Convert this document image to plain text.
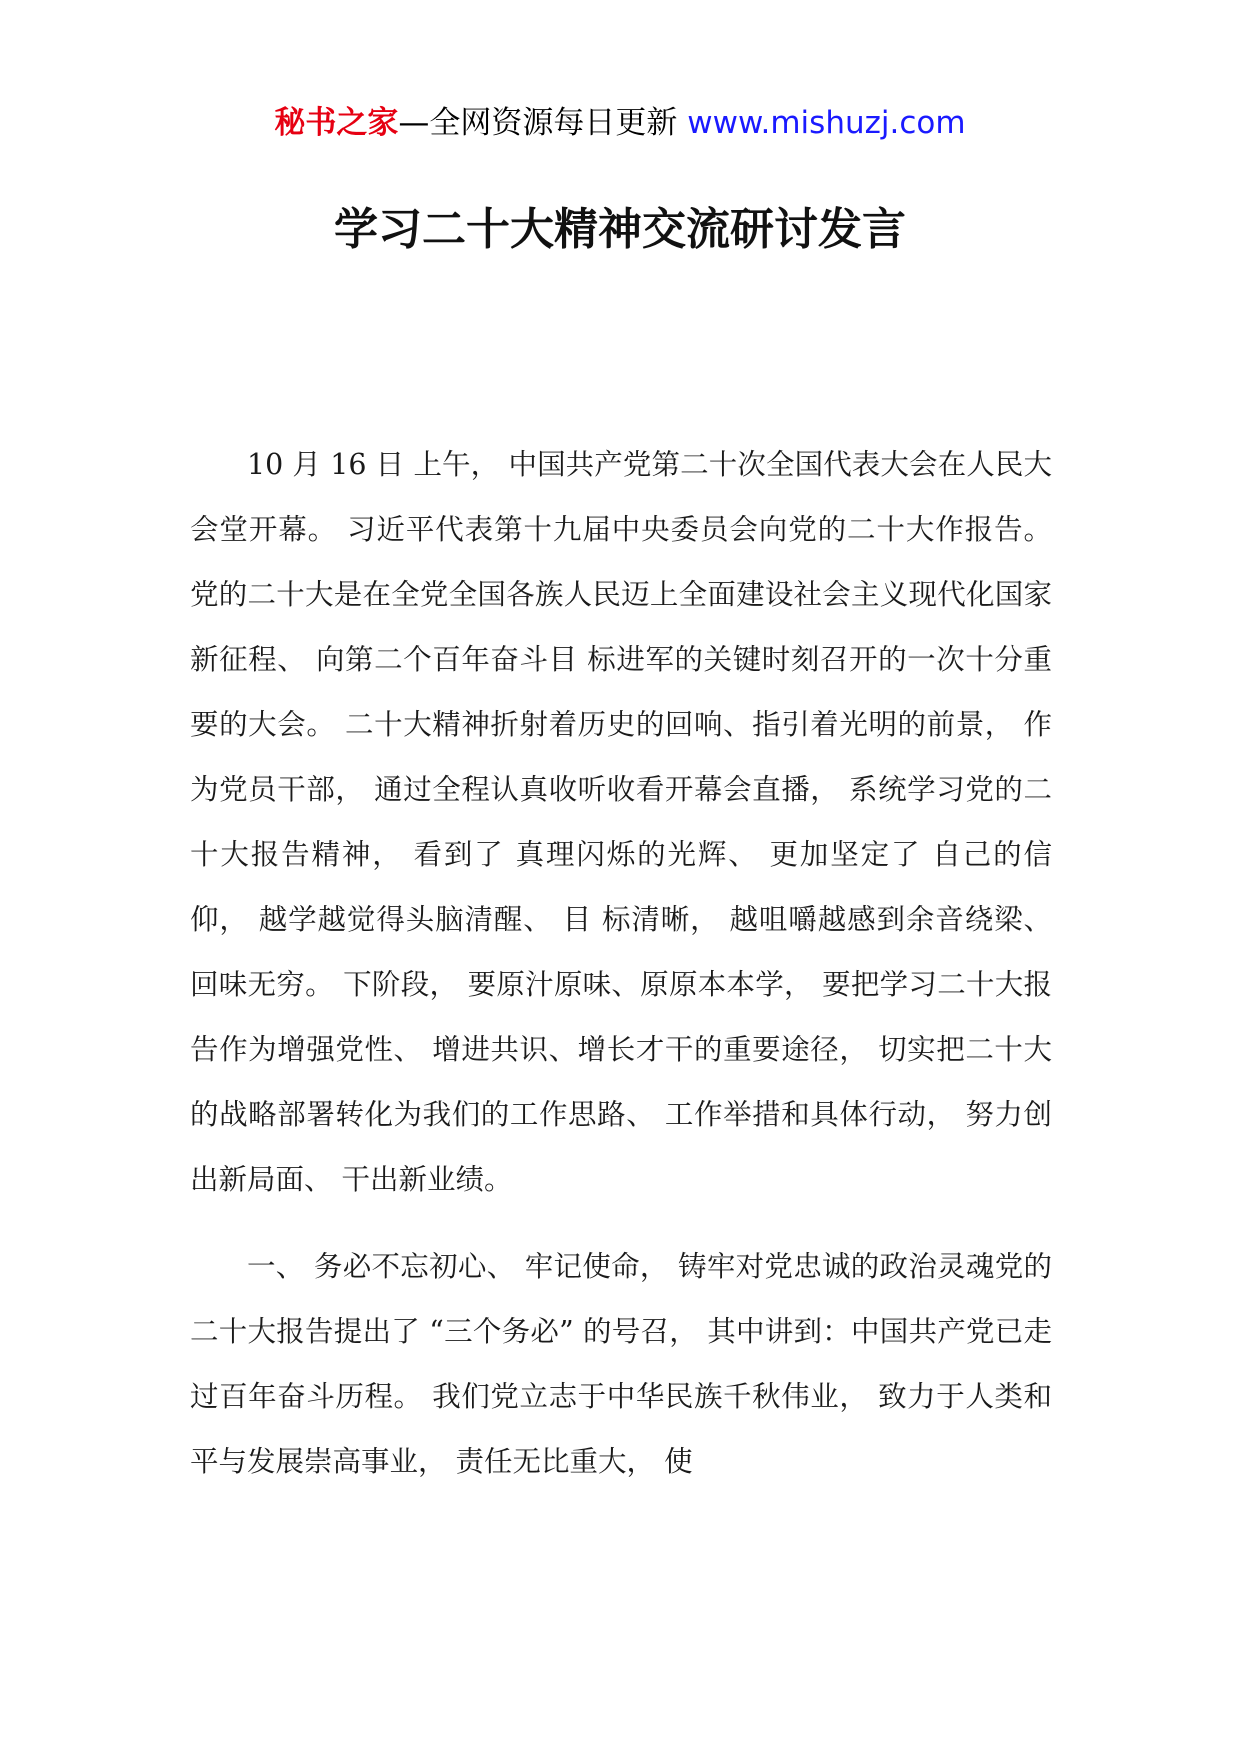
秘书之家—全网资源每日更新 www.mishuzj.com
学习二十大精神交流研讨发言

10 月 16 日 上午， 中国共产党第二十次全国代表大会在人民大会堂开幕。 习近平代表第十九届中央委员会向党的二十大作报告。 党的二十大是在全党全国各族人民迈上全面建设社会主义现代化国家新征程、 向第二个百年奋斗目 标进军的关键时刻召开的一次十分重要的大会。 二十大精神折射着历史的回响、指引着光明的前景， 作为党员干部， 通过全程认真收听收看开幕会直播， 系统学习党的二十大报告精神， 看到了 真理闪烁的光辉、 更加坚定了 自己的信仰， 越学越觉得头脑清醒、 目 标清晰， 越咀嚼越感到余音绕梁、 回味无穷。 下阶段， 要原汁原味、原原本本学， 要把学习二十大报告作为增强党性、 增进共识、增长才干的重要途径， 切实把二十大的战略部署转化为我们的工作思路、 工作举措和具体行动， 努力创出新局面、 干出新业绩。

一、 务必不忘初心、 牢记使命， 铸牢对党忠诚的政治灵魂党的二十大报告提出了 “三个务必” 的号召， 其中讲到：中国共产党已走过百年奋斗历程。 我们党立志于中华民族千秋伟业， 致力于人类和平与发展崇高事业， 责任无比重大， 使
